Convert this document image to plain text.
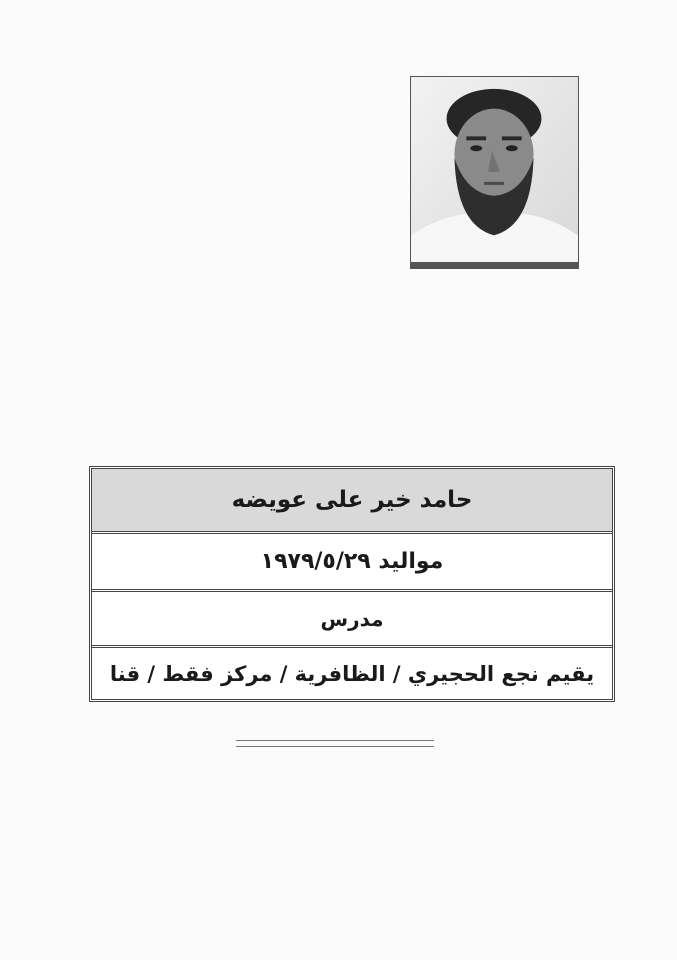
حامد خير على عويضه
مواليد ١٩٧٩/٥/٢٩
مدرس
يقيم نجع الحجيري / الظافرية / مركز فقط / قنا
